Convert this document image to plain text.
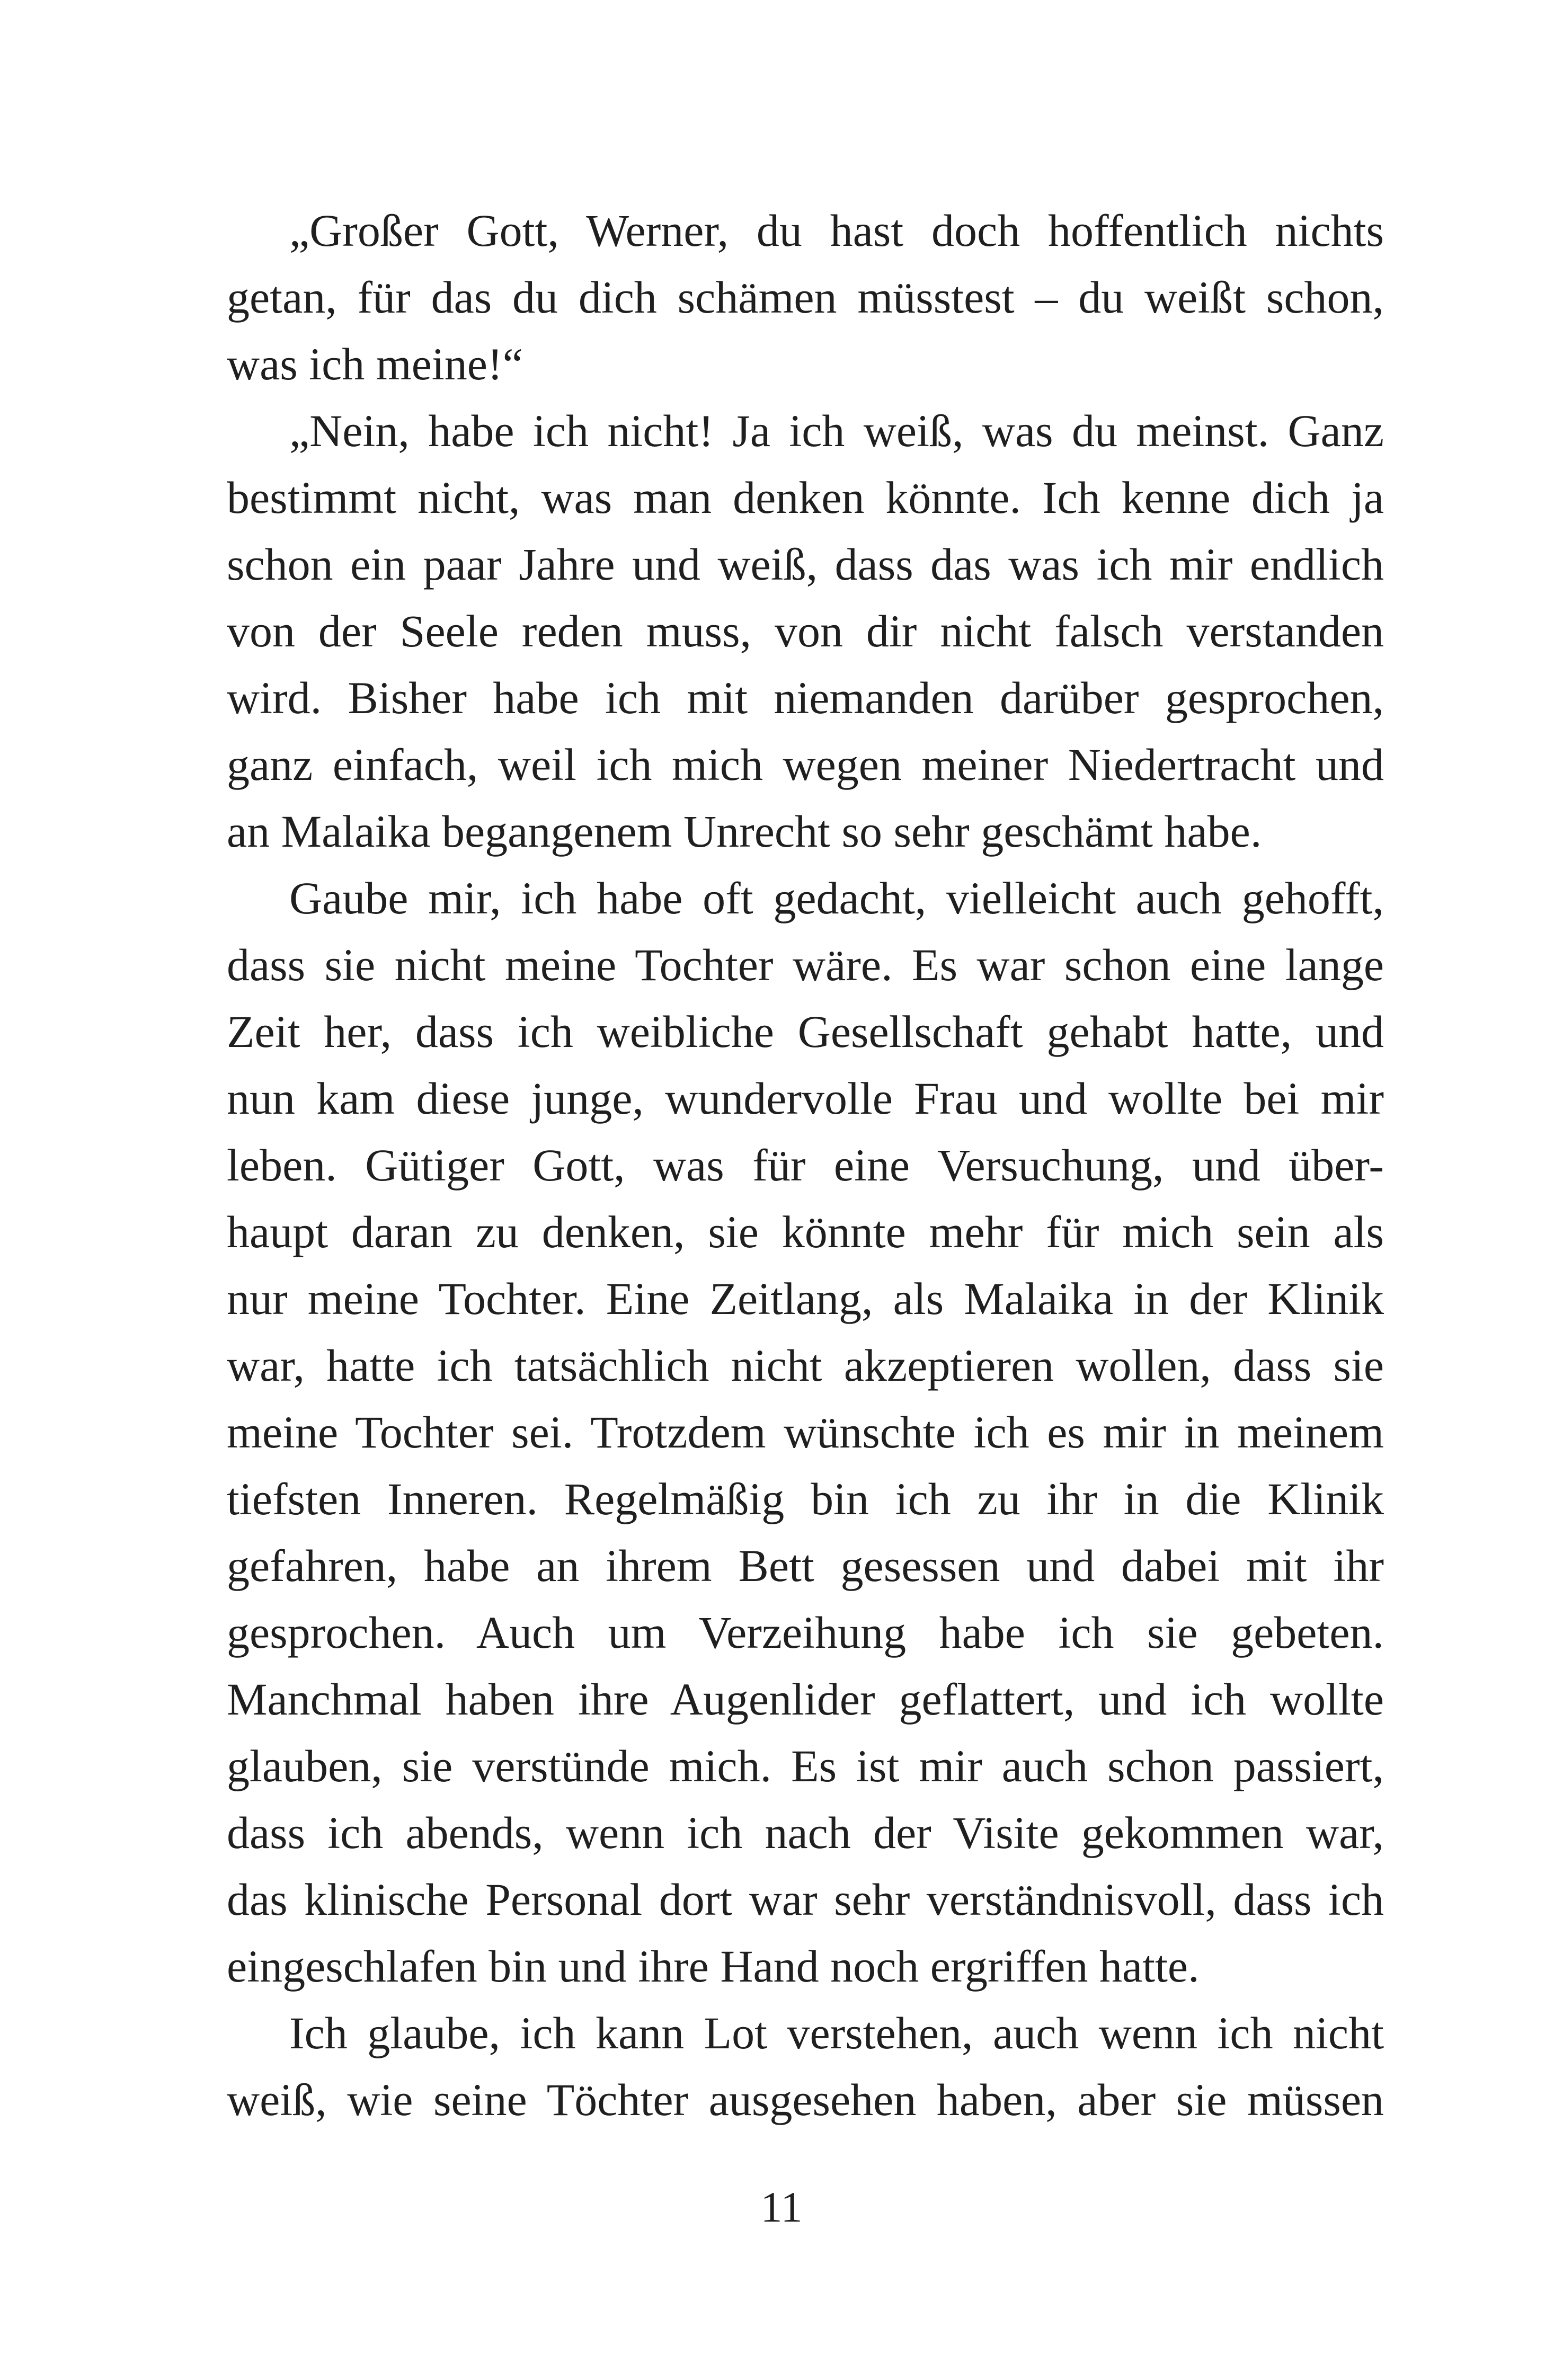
„Großer Gott, Werner, du hast doch hoffentlich nichts
getan, für das du dich schämen müsstest – du weißt schon,
was ich meine!“
„Nein, habe ich nicht! Ja ich weiß, was du meinst. Ganz
bestimmt nicht, was man denken könnte. Ich kenne dich ja
schon ein paar Jahre und weiß, dass das was ich mir endlich
von der Seele reden muss, von dir nicht falsch verstanden
wird. Bisher habe ich mit niemanden darüber gesprochen,
ganz einfach, weil ich mich wegen meiner Niedertracht und
an Malaika begangenem Unrecht so sehr geschämt habe.
Gaube mir, ich habe oft gedacht, vielleicht auch gehofft,
dass sie nicht meine Tochter wäre. Es war schon eine lange
Zeit her, dass ich weibliche Gesellschaft gehabt hatte, und
nun kam diese junge, wundervolle Frau und wollte bei mir
leben. Gütiger Gott, was für eine Versuchung, und über-
haupt daran zu denken, sie könnte mehr für mich sein als
nur meine Tochter. Eine Zeitlang, als Malaika in der Klinik
war, hatte ich tatsächlich nicht akzeptieren wollen, dass sie
meine Tochter sei. Trotzdem wünschte ich es mir in meinem
tiefsten Inneren. Regelmäßig bin ich zu ihr in die Klinik
gefahren, habe an ihrem Bett gesessen und dabei mit ihr
gesprochen. Auch um Verzeihung habe ich sie gebeten.
Manchmal haben ihre Augenlider geflattert, und ich wollte
glauben, sie verstünde mich. Es ist mir auch schon passiert,
dass ich abends, wenn ich nach der Visite gekommen war,
das klinische Personal dort war sehr verständnisvoll, dass ich
eingeschlafen bin und ihre Hand noch ergriffen hatte.
Ich glaube, ich kann Lot verstehen, auch wenn ich nicht
weiß, wie seine Töchter ausgesehen haben, aber sie müssen
11
